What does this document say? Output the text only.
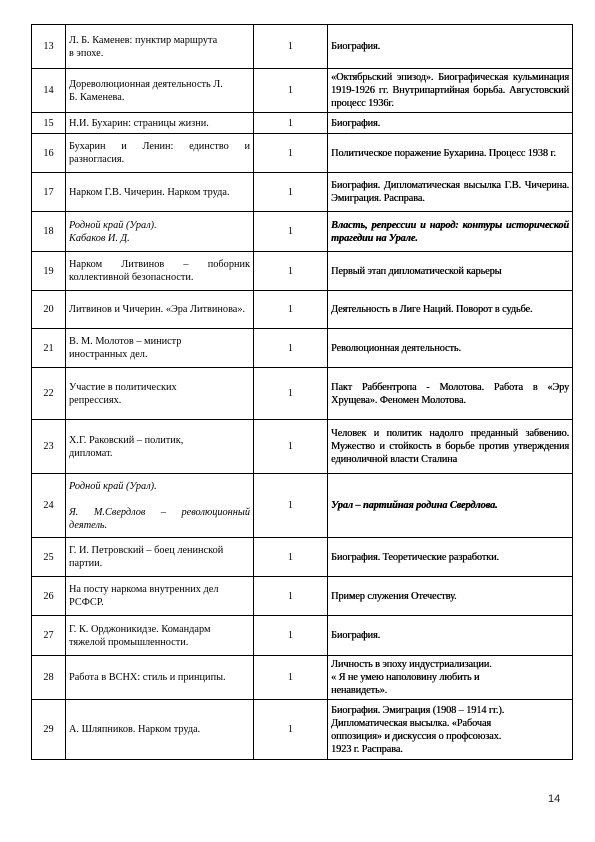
13	Л. Б. Каменев: пунктир маршрута
в эпохе.	1	Биография.

14	Дореволюционная деятельность Л.
Б. Каменева.	1	«Октябрьский эпизод». Биографическая кульминация 1919-1926 гг. Внутрипартийная борьба. Августовский процесс 1936г.

15	Н.И. Бухарин: страницы жизни.	1	Биография.

16	Бухарин и Ленин: единство и разногласия.	1	Политическое поражение Бухарина. Процесс 1938 г.

17	Нарком Г.В. Чичерин. Нарком труда.	1	Биография. Дипломатическая высылка Г.В. Чичерина. Эмиграция. Расправа.

18	Родной край (Урал).
Кабаков И. Д.	1	Власть, репрессии и народ: контуры исторической трагедии на Урале.

19	Нарком Литвинов – поборник коллективной безопасности.	1	Первый этап дипломатической карьеры

20	Литвинов и Чичерин. «Эра Литвинова».	1	Деятельность в Лиге Наций. Поворот в судьбе.

21	В. М. Молотов – министр
иностранных дел.	1	Революционная деятельность.

22	Участие в политических
репрессиях.	1	Пакт Раббентропа - Молотова. Работа в «Эру Хрущева». Феномен Молотова.

23	Х.Г. Раковский – политик,
дипломат.	1	Человек и политик надолго преданный забвению. Мужество и стойкость в борьбе против утверждения единоличной власти Сталина

24	Родной край (Урал).

Я. М.Свердлов – революционный деятель.	1	Урал – партийная родина Свердлова.

25	Г. И. Петровский – боец ленинской
партии.	1	Биография. Теоретические разработки.

26	На посту наркома внутренних дел
РСФСР.	1	Пример служения Отечеству.

27	Г. К. Орджоникидзе. Командарм
тяжелой промышленности.	1	Биография.

28	Работа в ВСНХ: стиль и принципы.	1	Личность в эпоху индустриализации.
« Я не умею наполовину любить и
ненавидеть».

29	А. Шляпников. Нарком труда.	1	Биография. Эмиграция (1908 – 1914 гг.).
Дипломатическая высылка. «Рабочая
оппозиция» и дискуссия о профсоюзах.
1923 г. Расправа.
14
